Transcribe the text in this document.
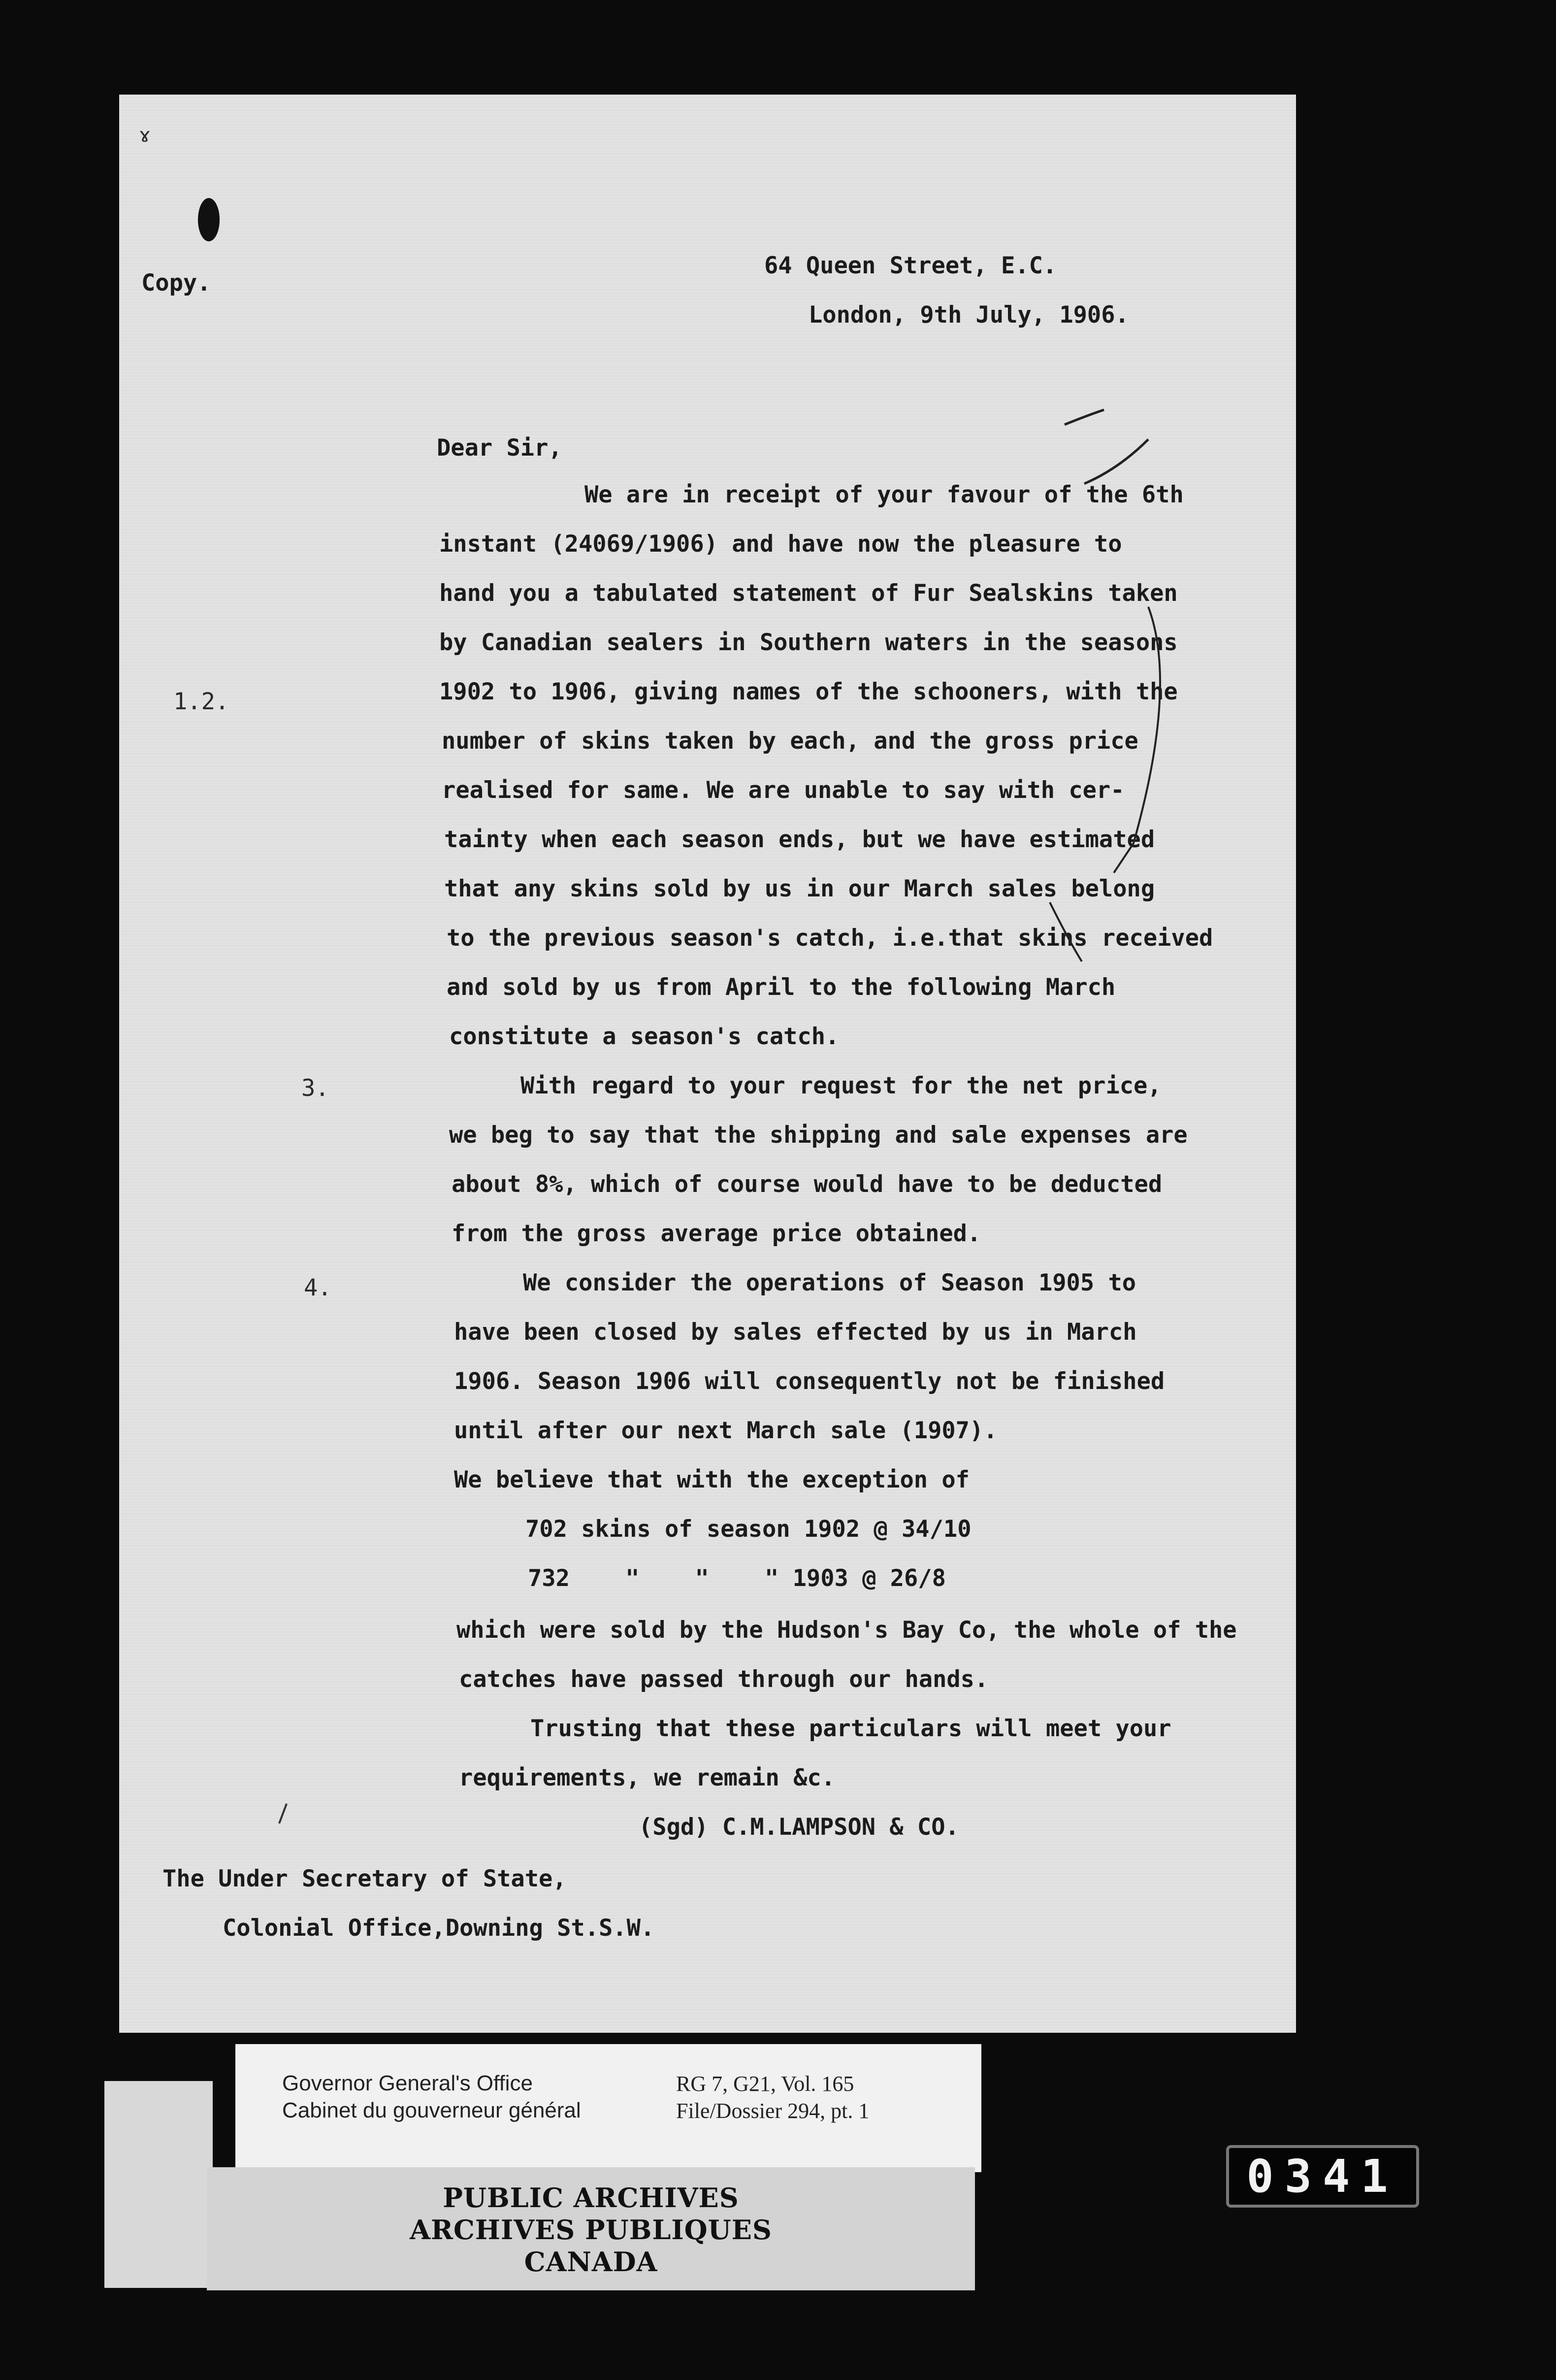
ɤ
Copy.
64 Queen Street, E.C.
London, 9th July, 1906.
Dear Sir,
1.2.
3.
4.
We are in receipt of your favour of the 6th
instant (24069/1906) and have now the pleasure to
hand you a tabulated statement of Fur Sealskins taken
by Canadian sealers in Southern waters in the seasons
1902 to 1906, giving names of the schooners, with the
number of skins taken by each, and the gross price
realised for same. We are unable to say with cer-
tainty when each season ends, but we have estimated
that any skins sold by us in our March sales belong
to the previous season's catch, i.e.that skins received
and sold by us from April to the following March
constitute a season's catch.
With regard to your request for the net price,
we beg to say that the shipping and sale expenses are
about 8%, which of course would have to be deducted
from the gross average price obtained.
We consider the operations of Season 1905 to
have been closed by sales effected by us in March
1906. Season 1906 will consequently not be finished
until after our next March sale (1907).
We believe that with the exception of
702 skins of season 1902 @ 34/10
732    "    "    " 1903 @ 26/8
which were sold by the Hudson's Bay Co, the whole of the
catches have passed through our hands.
Trusting that these particulars will meet your
requirements, we remain &c.
(Sgd) C.M.LAMPSON & CO.
The Under Secretary of State,
Colonial Office,Downing St.S.W.
Governor General's Office
Cabinet du gouverneur général
RG 7, G21, Vol. 165
File/Dossier 294, pt. 1
PUBLIC ARCHIVES
ARCHIVES PUBLIQUES
CANADA
0341
